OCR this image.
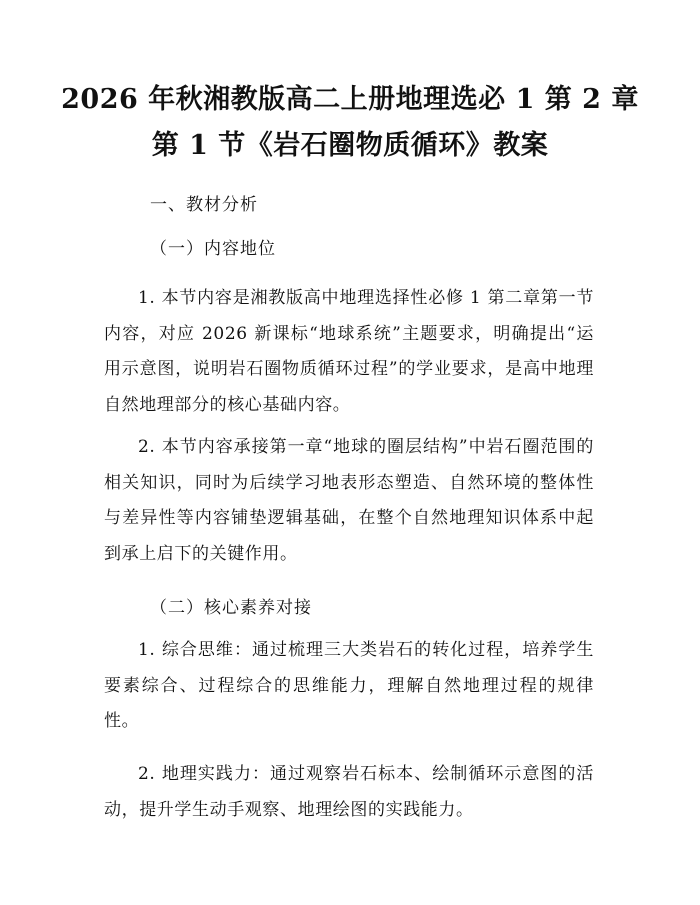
2026 年秋湘教版高二上册地理选必 1 第 2 章
第 1 节《岩石圈物质循环》教案
一、教材分析
（一）内容地位

1. 本节内容是湘教版高中地理选择性必修 1 第二章第一节内容，对应 2026 新课标“地球系统”主题要求，明确提出“运用示意图，说明岩石圈物质循环过程”的学业要求，是高中地理自然地理部分的核心基础内容。

2. 本节内容承接第一章“地球的圈层结构”中岩石圈范围的相关知识，同时为后续学习地表形态塑造、自然环境的整体性与差异性等内容铺垫逻辑基础，在整个自然地理知识体系中起到承上启下的关键作用。

（二）核心素养对接

1. 综合思维：通过梳理三大类岩石的转化过程，培养学生要素综合、过程综合的思维能力，理解自然地理过程的规律性。

2. 地理实践力：通过观察岩石标本、绘制循环示意图的活动，提升学生动手观察、地理绘图的实践能力。
